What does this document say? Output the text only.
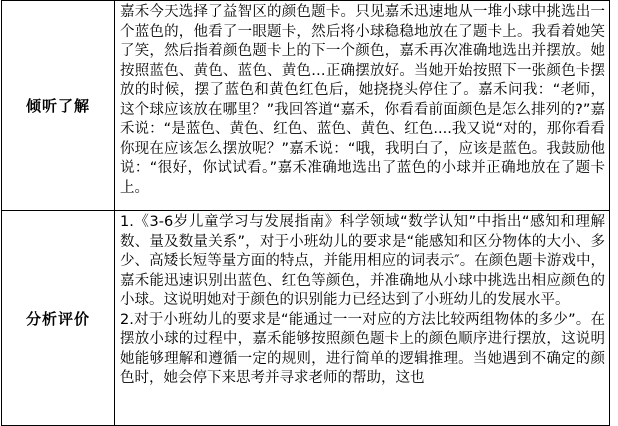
倾听了解	嘉禾今天选择了益智区的颜色题卡。只见嘉禾迅速地从一堆小球中挑选出一个蓝色的，他看了一眼题卡，然后将小球稳稳地放在了题卡上。我看着她笑了笑，然后指着颜色题卡上的下一个颜色，嘉禾再次准确地选出并摆放。她按照蓝色、黄色、蓝色、黄色…正确摆放好。当她开始按照下一张颜色卡摆放的时候，摆了蓝色和黄色红色后，她挠挠头停住了。嘉禾问我：“老师，这个球应该放在哪里？”我回答道“嘉禾，你看看前面颜色是怎么排列的?”嘉禾说：“是蓝色、黄色、红色、蓝色、黄色、红色....我又说“对的，那你看看你现在应该怎么摆放呢？”嘉禾说：“哦，我明白了，应该是蓝色。我鼓励他说：“很好，你试试看。”嘉禾准确地选出了蓝色的小球并正确地放在了题卡上。

分析评价	1.《3-6岁儿童学习与发展指南》科学领域“数学认知”中指出“感知和理解数、量及数量关系”，对于小班幼儿的要求是“能感知和区分物体的大小、多少、高矮长短等量方面的特点，并能用相应的词表示″。在颜色题卡游戏中，嘉禾能迅速识别出蓝色、红色等颜色，并准确地从小球中挑选出相应颜色的小球。这说明她对于颜色的识别能力已经达到了小班幼儿的发展水平。

2.对于小班幼儿的要求是“能通过一一对应的方法比较两组物体的多少”。在摆放小球的过程中，嘉禾能够按照颜色题卡上的颜色顺序进行摆放，这说明她能够理解和遵循一定的规则，进行简单的逻辑推理。当她遇到不确定的颜色时，她会停下来思考并寻求老师的帮助，这也
